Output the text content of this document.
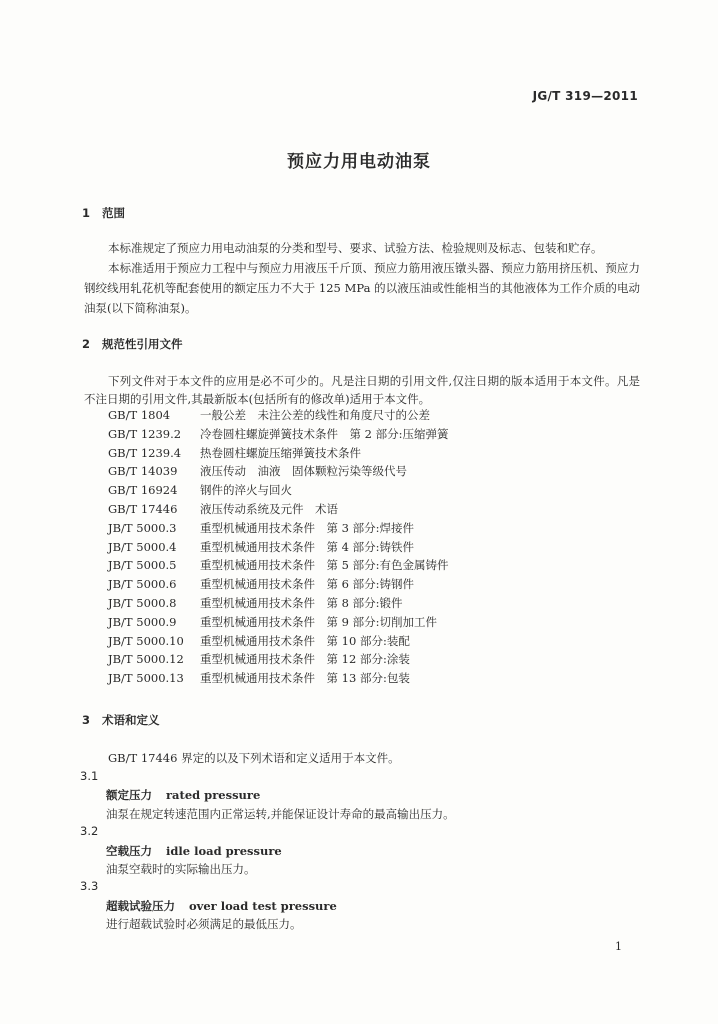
JG/T 319—2011
预应力用电动油泵
1 范围

本标准规定了预应力用电动油泵的分类和型号、要求、试验方法、检验规则及标志、包装和贮存。

本标准适用于预应力工程中与预应力用液压千斤顶、预应力筋用液压镦头器、预应力筋用挤压机、预应力钢绞线用轧花机等配套使用的额定压力不大于 125 MPa 的以液压油或性能相当的其他液体为工作介质的电动油泵(以下简称油泵)。

2 规范性引用文件

下列文件对于本文件的应用是必不可少的。凡是注日期的引用文件,仅注日期的版本适用于本文件。凡是不注日期的引用文件,其最新版本(包括所有的修改单)适用于本文件。

GB/T 1804	一般公差　未注公差的线性和角度尺寸的公差
GB/T 1239.2 冷卷圆柱螺旋弹簧技术条件　第 2 部分:压缩弹簧
GB/T 1239.4 热卷圆柱螺旋压缩弹簧技术条件
GB/T 14039 液压传动　油液　固体颗粒污染等级代号
GB/T 16924 钢件的淬火与回火
GB/T 17446 液压传动系统及元件　术语
JB/T 5000.3 重型机械通用技术条件　第 3 部分:焊接件
JB/T 5000.4 重型机械通用技术条件　第 4 部分:铸铁件
JB/T 5000.5 重型机械通用技术条件　第 5 部分:有色金属铸件
JB/T 5000.6 重型机械通用技术条件　第 6 部分:铸钢件
JB/T 5000.8 重型机械通用技术条件　第 8 部分:锻件
JB/T 5000.9 重型机械通用技术条件　第 9 部分:切削加工件
JB/T 5000.10 重型机械通用技术条件　第 10 部分:装配
JB/T 5000.12 重型机械通用技术条件　第 12 部分:涂装
JB/T 5000.13 重型机械通用技术条件　第 13 部分:包装
3 术语和定义
GB/T 17446 界定的以及下列术语和定义适用于本文件。
3.1
额定压力 rated pressure
油泵在规定转速范围内正常运转,并能保证设计寿命的最高输出压力。
3.2
空载压力 idle load pressure
油泵空载时的实际输出压力。
3.3
超载试验压力 over load test pressure
进行超载试验时必须满足的最低压力。
1
